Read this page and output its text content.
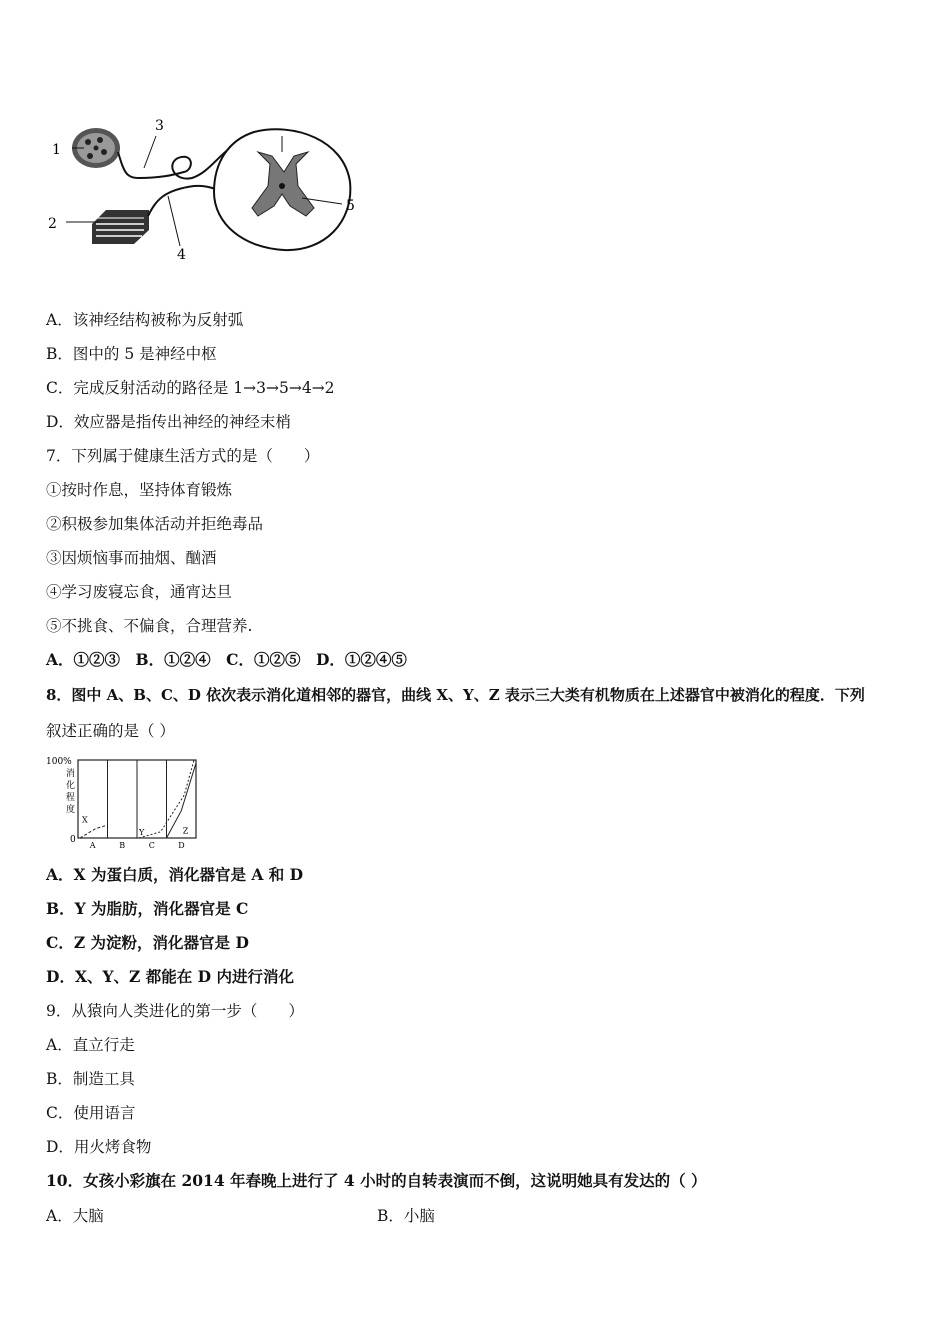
1
2
3
4
5
A．该神经结构被称为反射弧
B．图中的 5 是神经中枢
C．完成反射活动的路径是 1→3→5→4→2
D．效应器是指传出神经的神经末梢
7．下列属于健康生活方式的是（　　）
①按时作息，坚持体育锻炼
②积极参加集体活动并拒绝毒品
③因烦恼事而抽烟、酗酒
④学习废寝忘食，通宵达旦
⑤不挑食、不偏食，合理营养.
A．①②③　B．①②④　C．①②⑤　D．①②④⑤
8．图中 A、B、C、D 依次表示消化道相邻的器官，曲线 X、Y、Z 表示三大类有机物质在上述器官中被消化的程度．下列
叙述正确的是（ ）
100%
消
化
程
度
0
X
Y	Z
A	B	C	D
A．X 为蛋白质，消化器官是 A 和 D
B．Y 为脂肪，消化器官是 C
C．Z 为淀粉，消化器官是 D
D．X、Y、Z 都能在 D 内进行消化
9．从猿向人类进化的第一步（　　）
A．直立行走
B．制造工具
C．使用语言
D．用火烤食物
10．女孩小彩旗在 2014 年春晚上进行了 4 小时的自转表演而不倒，这说明她具有发达的（ ）
A．大脑	B．小脑
